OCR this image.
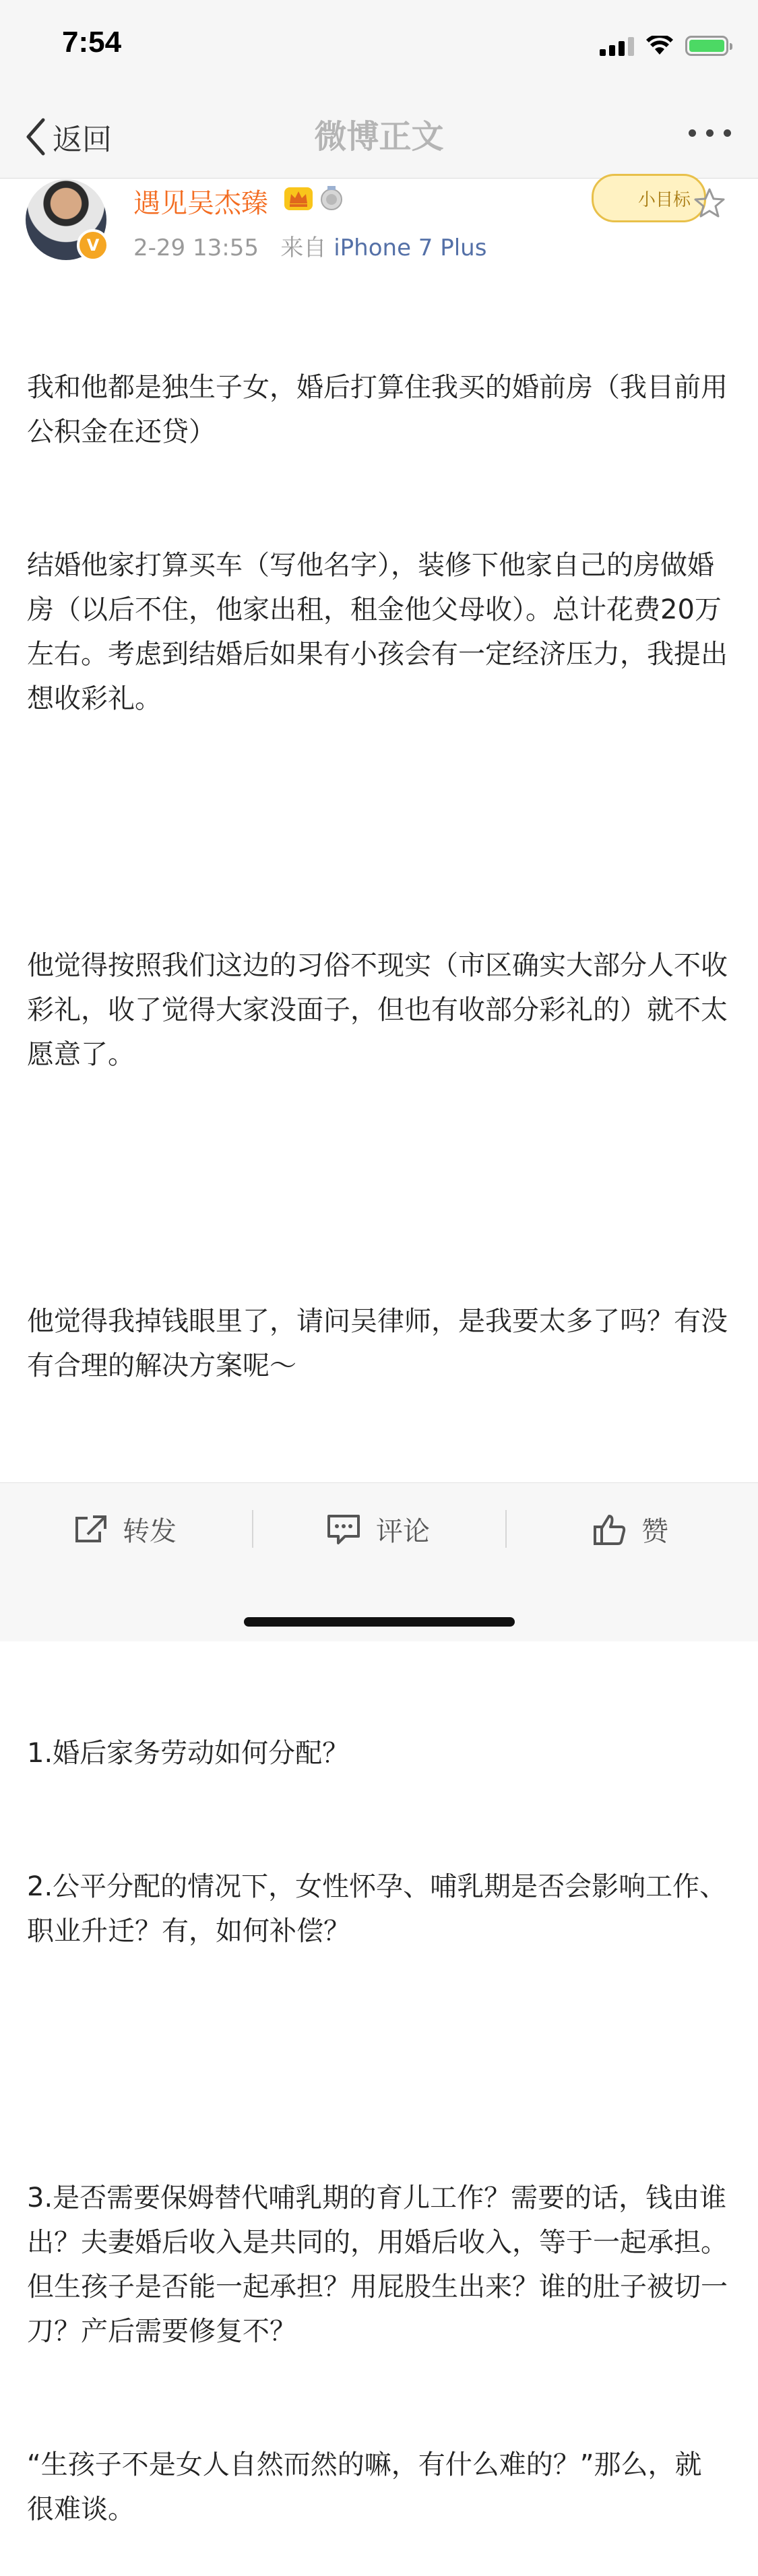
7:54
返回	微博正文
V
遇见吴杰臻
2-29 13:55 来自 iPhone 7 Plus
小目标

我和他都是独生子女，婚后打算住我买的婚前房（我目前用公积金在还贷）

结婚他家打算买车（写他名字），装修下他家自己的房做婚房（以后不住，他家出租，租金他父母收）。总计花费20万左右。考虑到结婚后如果有小孩会有一定经济压力，我提出想收彩礼。

他觉得按照我们这边的习俗不现实（市区确实大部分人不收彩礼，收了觉得大家没面子，但也有收部分彩礼的）就不太愿意了。

他觉得我掉钱眼里了，请问吴律师，是我要太多了吗？有没有合理的解决方案呢～

1.婚后家务劳动如何分配？

2.公平分配的情况下，女性怀孕、哺乳期是否会影响工作、职业升迁？有，如何补偿？

3.是否需要保姆替代哺乳期的育儿工作？需要的话，钱由谁出？夫妻婚后收入是共同的，用婚后收入，等于一起承担。但生孩子是否能一起承担？用屁股生出来？谁的肚子被切一刀？产后需要修复不？

“生孩子不是女人自然而然的嘛，有什么难的？”那么，就很难谈。

转发	评论	赞
